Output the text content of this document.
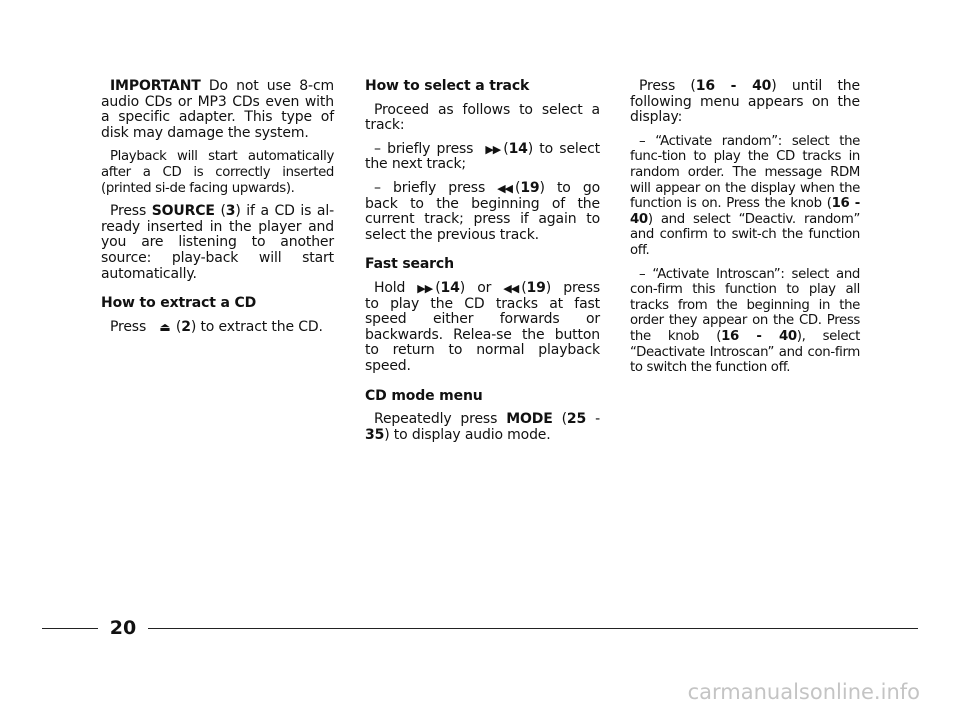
IMPORTANT Do not use 8-cm audio CDs or MP3 CDs even with a specific adapter. This type of disk may damage the system.

Playback will start automatically after a CD is correctly inserted (printed si-de facing upwards).

Press SOURCE (3) if a CD is al-ready inserted in the player and you are listening to another source: play-back will start automatically.

How to extract a CD

Press ⏏ (2) to extract the CD.

How to select a track

Proceed as follows to select a track:

– briefly press ▶▶ (14) to select the next track;

– briefly press ◀◀ (19) to go back to the beginning of the current track; press if again to select the previous track.

Fast search

Hold ▶▶ (14) or ◀◀ (19) press to play the CD tracks at fast speed either forwards or backwards. Relea-se the button to return to normal playback speed.

CD mode menu

Repeatedly press MODE (25 - 35) to display audio mode.

Press (16 - 40) until the following menu appears on the display:

– “Activate random”: select the func-tion to play the CD tracks in random order. The message RDM will appear on the display when the function is on. Press the knob (16 - 40) and select “Deactiv. random” and confirm to swit-ch the function off.

– “Activate Introscan”: select and con-firm this function to play all tracks from the beginning in the order they appear on the CD. Press the knob (16 - 40), select “Deactivate Introscan” and con-firm to switch the function off.

20
carmanualsonline.info
